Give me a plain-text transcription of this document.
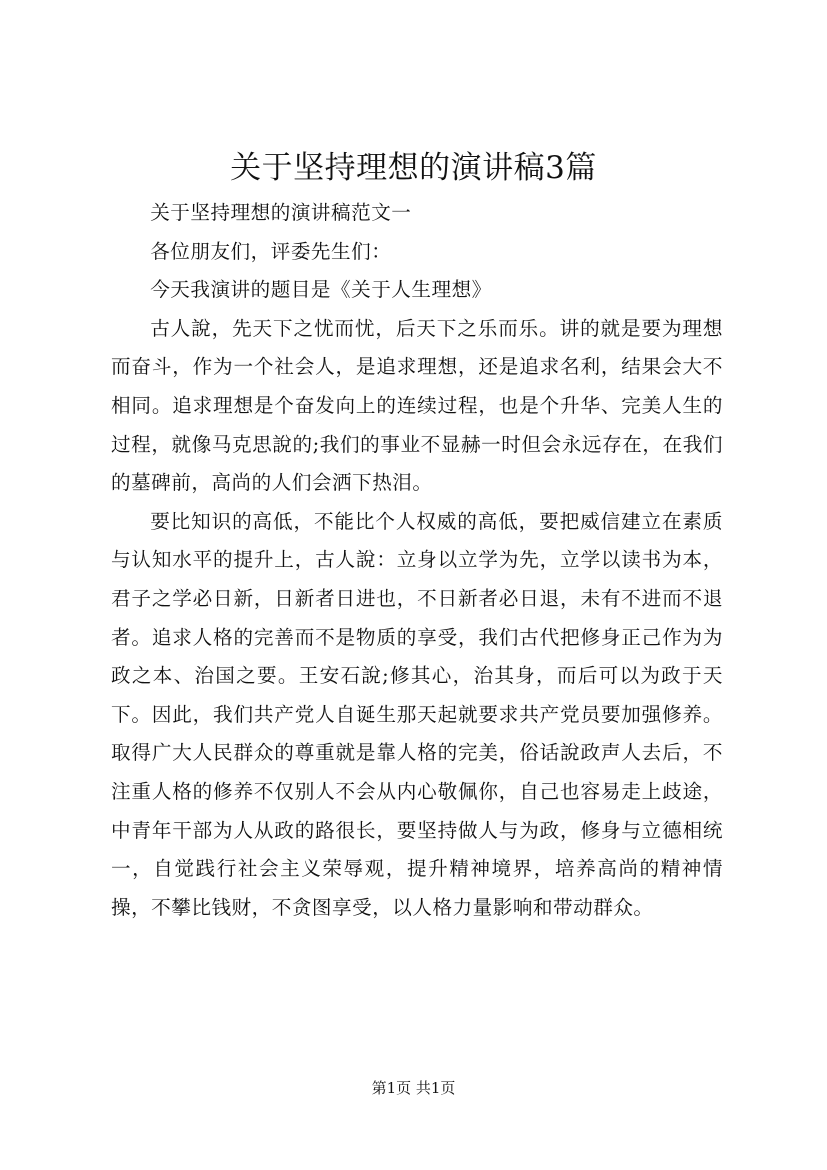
关于坚持理想的演讲稿3篇

关于坚持理想的演讲稿范文一

各位朋友们，评委先生们：

今天我演讲的题目是《关于人生理想》

古人說，先天下之忧而忧，后天下之乐而乐。讲的就是要为理想而奋斗，作为一个社会人，是追求理想，还是追求名利，结果会大不相同。追求理想是个奋发向上的连续过程，也是个升华、完美人生的过程，就像马克思說的;我们的事业不显赫一时但会永远存在，在我们的墓碑前，高尚的人们会洒下热泪。

要比知识的高低，不能比个人权威的高低，要把威信建立在素质与认知水平的提升上，古人說：立身以立学为先，立学以读书为本，君子之学必日新，日新者日进也，不日新者必日退，未有不进而不退者。追求人格的完善而不是物质的享受，我们古代把修身正己作为为政之本、治国之要。王安石說;修其心，治其身，而后可以为政于天下。因此，我们共产党人自诞生那天起就要求共产党员要加强修养。取得广大人民群众的尊重就是靠人格的完美，俗话說政声人去后，不注重人格的修养不仅别人不会从内心敬佩你，自己也容易走上歧途，中青年干部为人从政的路很长，要坚持做人与为政，修身与立德相统一，自觉践行社会主义荣辱观，提升精神境界，培养高尚的精神情操，不攀比钱财，不贪图享受，以人格力量影响和带动群众。

第1页 共1页
